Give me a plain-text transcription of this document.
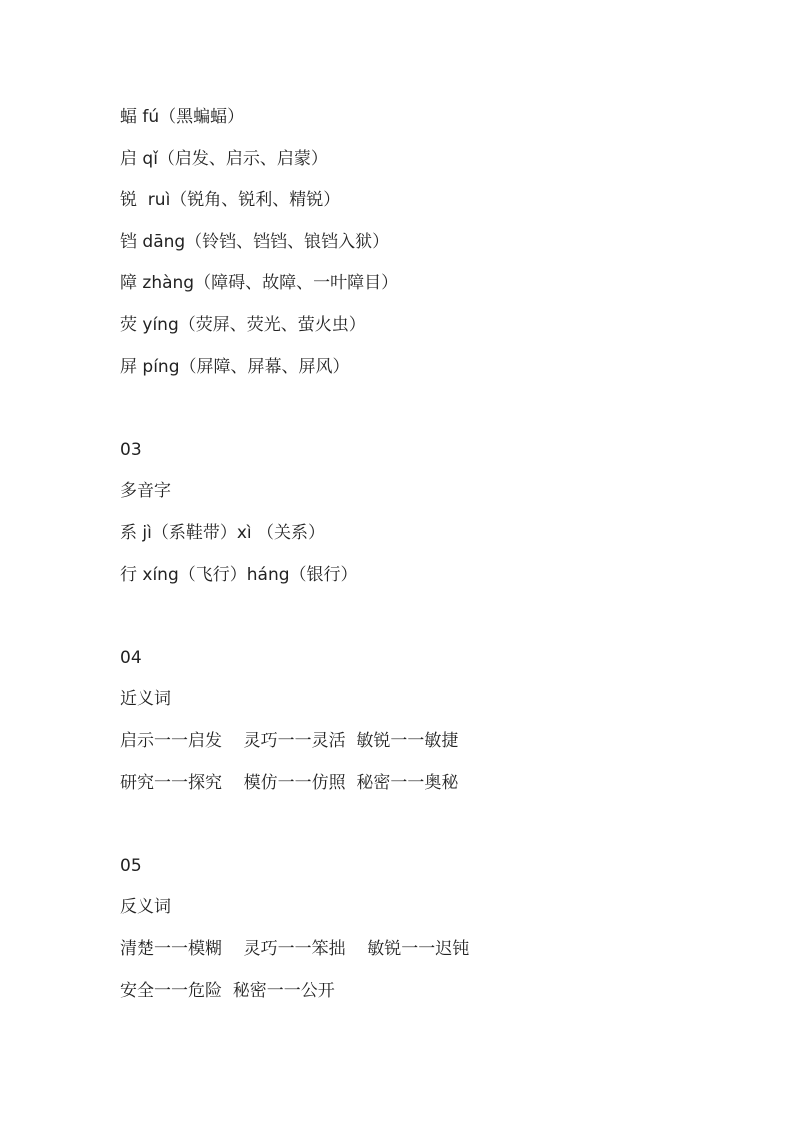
蝠 fú（黑蝙蝠）
启 qǐ（启发、启示、启蒙）
锐  ruì（锐角、锐利、精锐）
铛 dāng（铃铛、铛铛、锒铛入狱）
障 zhàng（障碍、故障、一叶障目）
荧 yíng（荧屏、荧光、萤火虫）
屏 píng（屏障、屏幕、屏风）
03
多音字
系 jì（系鞋带）xì （关系）
行 xíng（飞行）háng（银行）
04
近义词
启示一一启发    灵巧一一灵活  敏锐一一敏捷
研究一一探究    模仿一一仿照  秘密一一奥秘
05
反义词
清楚一一模糊    灵巧一一笨拙    敏锐一一迟钝
安全一一危险  秘密一一公开
